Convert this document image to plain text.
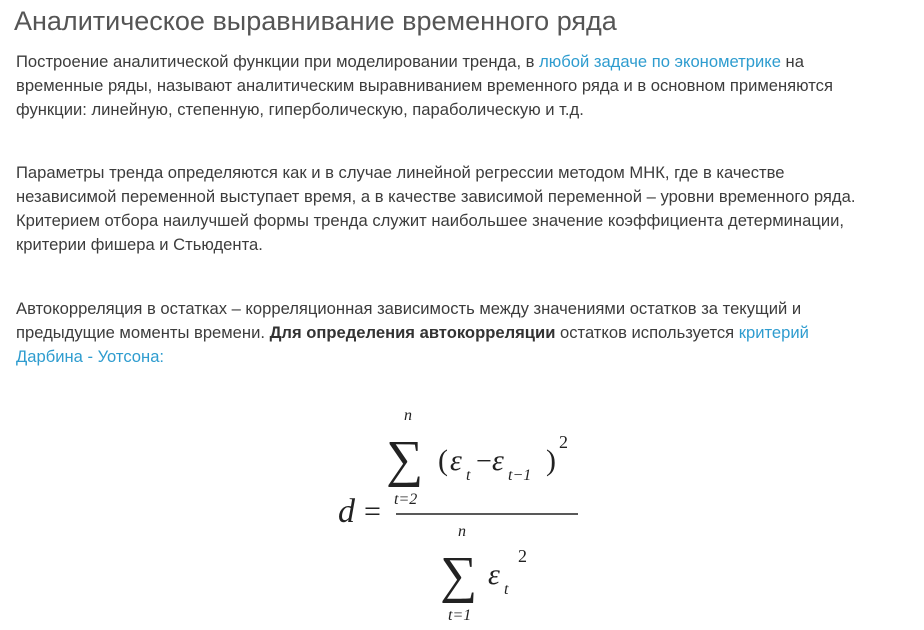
Аналитическое выравнивание временного ряда
Построение аналитической функции при моделировании тренда, в любой задаче по эконометрике на
временные ряды, называют аналитическим выравниванием временного ряда и в основном применяются
функции: линейную, степенную, гиперболическую, параболическую и т.д.
Параметры тренда определяются как и в случае линейной регрессии методом МНК, где в качестве
независимой переменной выступает время, а в качестве зависимой переменной – уровни временного ряда.
Критерием отбора наилучшей формы тренда служит наибольшее значение коэффициента детерминации,
критерии фишера и Стьюдента.
Автокорреляция в остатках – корреляционная зависимость между значениями остатков за текущий и
предыдущие моменты времени. Для определения автокорреляции остатков используется критерий
Дарбина - Уотсона:
d =
n
∑
t=2
( ε t − ε t−1 )
2
n
∑
t=1
ε t
2
